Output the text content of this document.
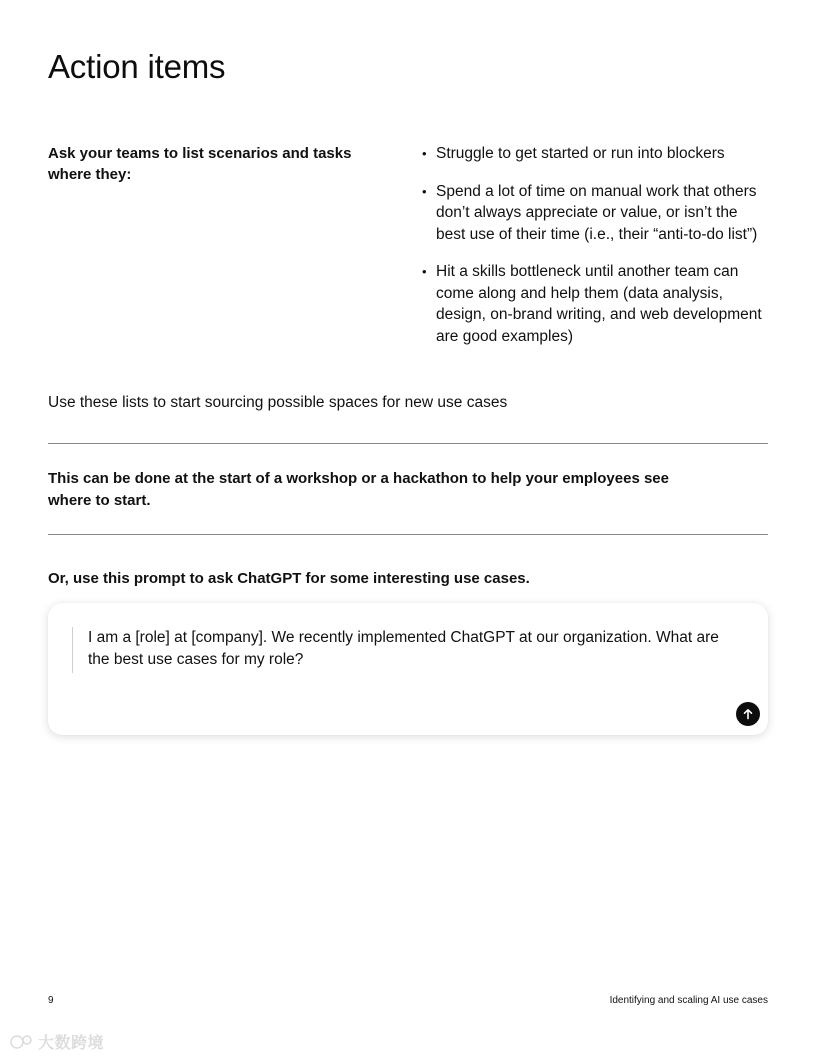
Action items
Ask your teams to list scenarios and tasks where they:
• Struggle to get started or run into blockers
• Spend a lot of time on manual work that others don’t always appreciate or value, or isn’t the best use of their time (i.e., their “anti-to-do list”)
• Hit a skills bottleneck until another team can come along and help them (data analysis, design, on-brand writing, and web development are good examples)

Use these lists to start sourcing possible spaces for new use cases

This can be done at the start of a workshop or a hackathon to help your employees see where to start.

Or, use this prompt to ask ChatGPT for some interesting use cases.

I am a [role] at [company]. We recently implemented ChatGPT at our organization. What are the best use cases for my role?

9	Identifying and scaling AI use cases
大数跨境
